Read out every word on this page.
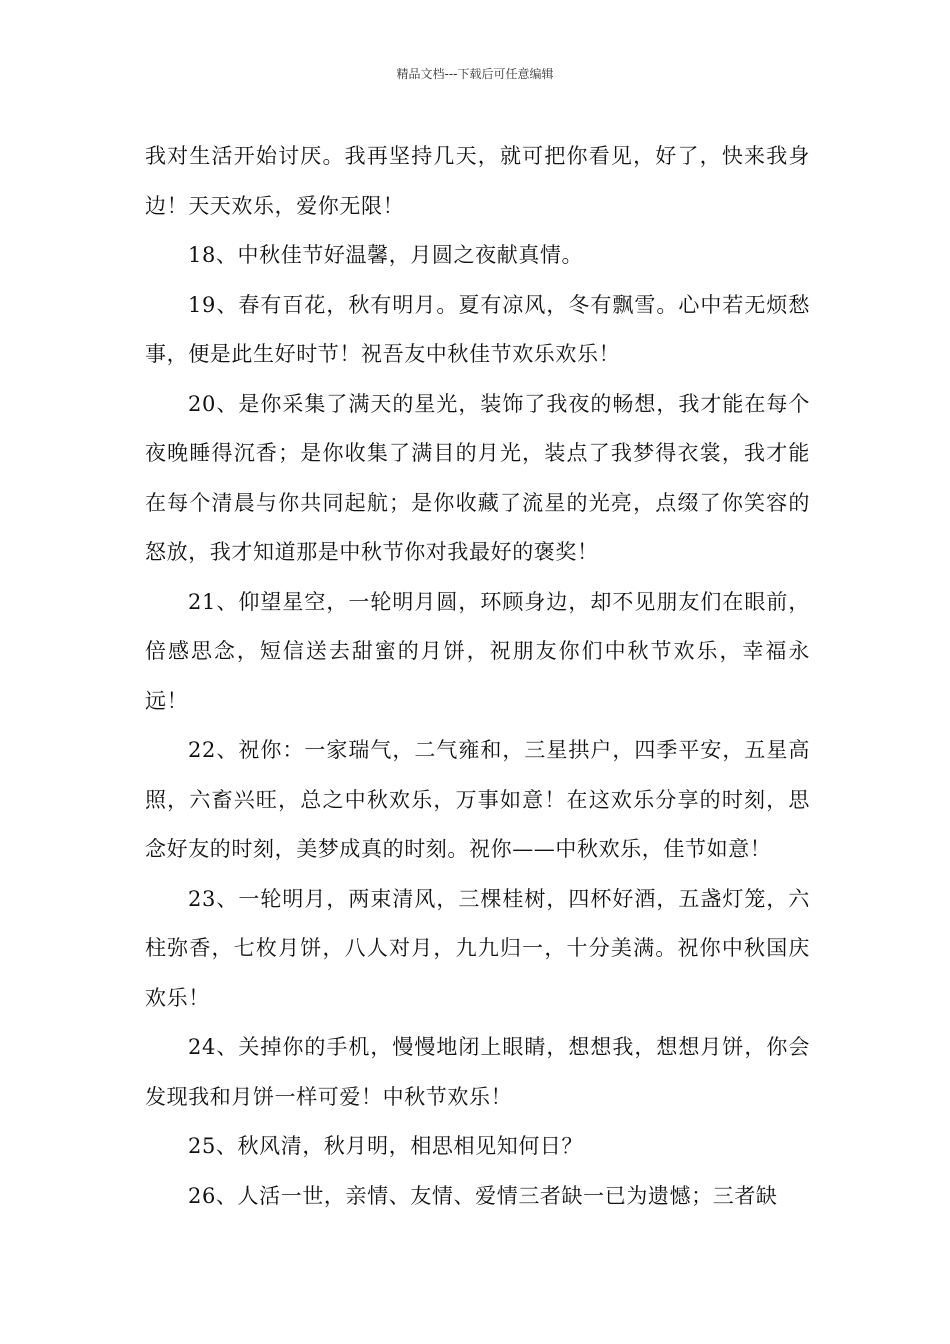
精品文档---下载后可任意编辑

我对生活开始讨厌。我再坚持几天，就可把你看见，好了，快来我身边！天天欢乐，爱你无限！

18、中秋佳节好温馨，月圆之夜献真情。

19、春有百花，秋有明月。夏有凉风，冬有飘雪。心中若无烦愁事，便是此生好时节！祝吾友中秋佳节欢乐欢乐！

20、是你采集了满天的星光，装饰了我夜的畅想，我才能在每个夜晚睡得沉香；是你收集了满目的月光，装点了我梦得衣裳，我才能在每个清晨与你共同起航；是你收藏了流星的光亮，点缀了你笑容的怒放，我才知道那是中秋节你对我最好的褒奖！

21、仰望星空，一轮明月圆，环顾身边，却不见朋友们在眼前，倍感思念，短信送去甜蜜的月饼，祝朋友你们中秋节欢乐，幸福永远！

22、祝你：一家瑞气，二气雍和，三星拱户，四季平安，五星高照，六畜兴旺，总之中秋欢乐，万事如意！在这欢乐分享的时刻，思念好友的时刻，美梦成真的时刻。祝你——中秋欢乐，佳节如意！

23、一轮明月，两束清风，三棵桂树，四杯好酒，五盏灯笼，六柱弥香，七枚月饼，八人对月，九九归一，十分美满。祝你中秋国庆欢乐！

24、关掉你的手机，慢慢地闭上眼睛，想想我，想想月饼，你会发现我和月饼一样可爱！中秋节欢乐！

25、秋风清，秋月明，相思相见知何日？

26、人活一世，亲情、友情、爱情三者缺一已为遗憾；三者缺
